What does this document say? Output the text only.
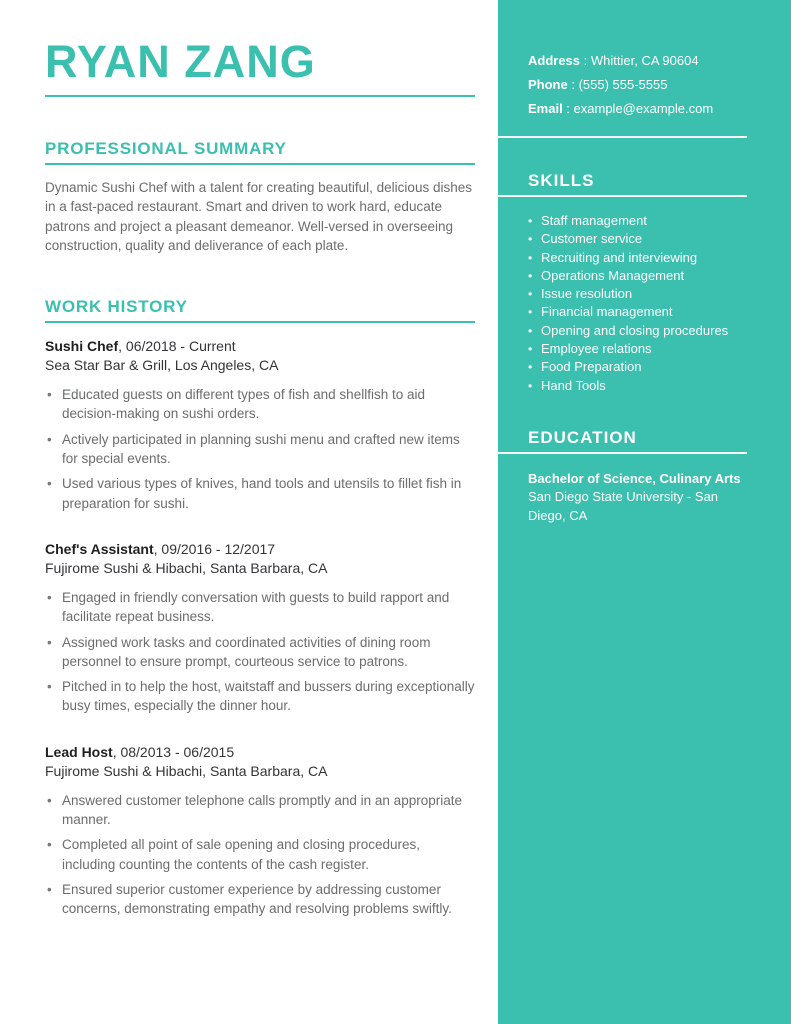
RYAN ZANG
PROFESSIONAL SUMMARY

Dynamic Sushi Chef with a talent for creating beautiful, delicious dishes in a fast-paced restaurant. Smart and driven to work hard, educate patrons and project a pleasant demeanor. Well-versed in overseeing construction, quality and deliverance of each plate.

WORK HISTORY

Sushi Chef, 06/2018 - Current

Sea Star Bar & Grill, Los Angeles, CA

• Educated guests on different types of fish and shellfish to aid decision-making on sushi orders.
• Actively participated in planning sushi menu and crafted new items for special events.
• Used various types of knives, hand tools and utensils to fillet fish in preparation for sushi.

Chef's Assistant, 09/2016 - 12/2017

Fujirome Sushi & Hibachi, Santa Barbara, CA

• Engaged in friendly conversation with guests to build rapport and facilitate repeat business.
• Assigned work tasks and coordinated activities of dining room personnel to ensure prompt, courteous service to patrons.
• Pitched in to help the host, waitstaff and bussers during exceptionally busy times, especially the dinner hour.

Lead Host, 08/2013 - 06/2015

Fujirome Sushi & Hibachi, Santa Barbara, CA

• Answered customer telephone calls promptly and in an appropriate manner.
• Completed all point of sale opening and closing procedures, including counting the contents of the cash register.
• Ensured superior customer experience by addressing customer concerns, demonstrating empathy and resolving problems swiftly.

Address : Whittier, CA 90604

Phone : (555) 555-5555

Email : example@example.com

SKILLS
• Staff management
• Customer service
• Recruiting and interviewing
• Operations Management
• Issue resolution
• Financial management
• Opening and closing procedures
• Employee relations
• Food Preparation
• Hand Tools
EDUCATION

Bachelor of Science, Culinary Arts

San Diego State University - San Diego, CA
